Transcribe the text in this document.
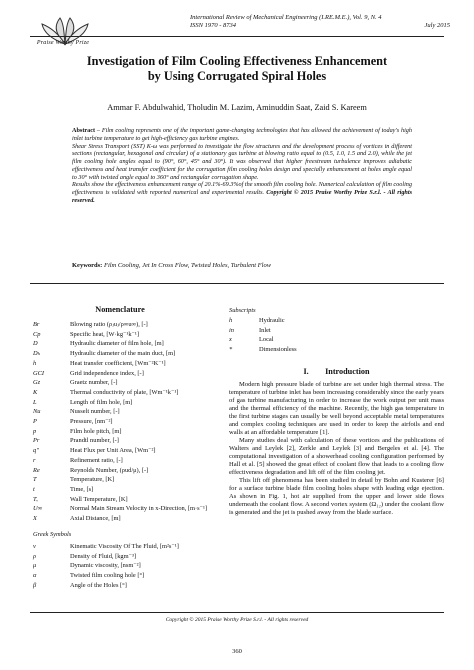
Praise Worthy Prize
International Review of Mechanical Engineering (I.RE.M.E.), Vol. 9, N. 4
ISSN 1970 - 8734	July 2015
Investigation of Film Cooling Effectiveness Enhancement
by Using Corrugated Spiral Holes
Ammar F. Abdulwahid, Tholudin M. Lazim, Aminuddin Saat, Zaid S. Kareem

Abstract – Film cooling represents one of the important game-changing technologies that has allowed the achievement of today's high inlet turbine temperature to get high-efficiency gas turbine engines.

Shear Stress Transport (SST) K-ω was performed to investigate the flow structures and the development process of vortices in different sections (rectangular, hexagonal and circular) of a stationary gas turbine at blowing ratio equal to (0.5, 1.0, 1.5 and 2.0), while the jet film cooling hole angles equal to (90°, 60°, 45° and 30°). It was observed that higher freestream turbulence improves adiabatic effectiveness and heat transfer coefficient for the corrugation film cooling holes design and specially enhancement at holes angle equal to 30° with twisted angle equal to 360° and rectangular corrugation shape.

Results show the effectiveness enhancement range of 20.1%-69.3%of the smooth film cooling hole. Numerical calculation of film cooling effectiveness is validated with reported numerical and experimental results. Copyright © 2015 Praise Worthy Prize S.r.l. - All rights reserved.

Keywords: Film Cooling, Jet In Cross Flow, Twisted Holes, Turbulent Flow
Nomenclature
Br	Blowing ratio (ρⱼuⱼ/ρ∞u∞), [-]
Cp	Specific heat, [W·kg⁻¹k⁻¹]
D	Hydraulic diameter of film hole, [m]
Dₕ	Hydraulic diameter of the main duct, [m]
h	Heat transfer coefficient, [Wm⁻²K⁻¹]
GCI	Grid independence index, [-]
Gz	Graetz number, [-]
K	Thermal conductivity of plate, [Wm⁻¹k⁻¹]
L	Length of film hole, [m]
Nu	Nusselt number, [-]
P	Pressure, [nm⁻²]
p	Film hole pitch, [m]
Pr	Prandtl number, [-]
q"	Heat Flux per Unit Area, [Wm⁻²]
r	Refinement ratio, [-]
Re	Reynolds Number, (ρud/μ), [-]
T	Temperature, [K]
t	Time, [s]
Tᵥ	Wall Temperature, [K]
U∞	Normal Main Stream Velocity in x-Direction, [m·s⁻¹]
X	Axial Distance, [m]
Greek Symbols
v	Kinematic Viscosity Of The Fluid, [m²s⁻¹]
ρ	Density of Fluid, [kgm⁻³]
μ	Dynamic viscosity, [nsm⁻²]
α	Twisted film cooling hole [°]
β	Angle of the Holes [°]
Subscripts
h	Hydraulic
in	Inlet
x	Local
*	Dimensionless
I.  Introduction

Modern high pressure blade of turbine are set under high thermal stress. The temperature of turbine inlet has been increasing considerably since the early years of gas turbine manufacturing in order to increase the work output per unit mass and the thermal efficiency of the machine. Recently, the high gas temperature in the first turbine stages can usually be well beyond acceptable metal temperatures and complex cooling techniques are used in order to keep the airfoils and end walls at an affordable temperature [1].

Many studies deal with calculation of these vortices and the publications of Walters and Leylek [2], Zerkle and Leylek [3] and Bergeles et al. [4]. The computational investigation of a showerhead cooling configuration performed by Hall et al. [5] showed the great effect of coolant flow that leads to a cooling flow effectiveness degradation and lift off of the film cooling jet.

This lift off phenomena has been studied in detail by Bohn and Kusterer [6] for a surface turbine blade film cooling holes shape with leading edge ejection. As shown in Fig. 1, hot air supplied from the upper and lower side flows underneath the coolant flow. A second vortex system (Ω₁₂) under the coolant flow is generated and the jet is pushed away from the blade surface.

Copyright © 2015 Praise Worthy Prize S.r.l. - All rights reserved
360
